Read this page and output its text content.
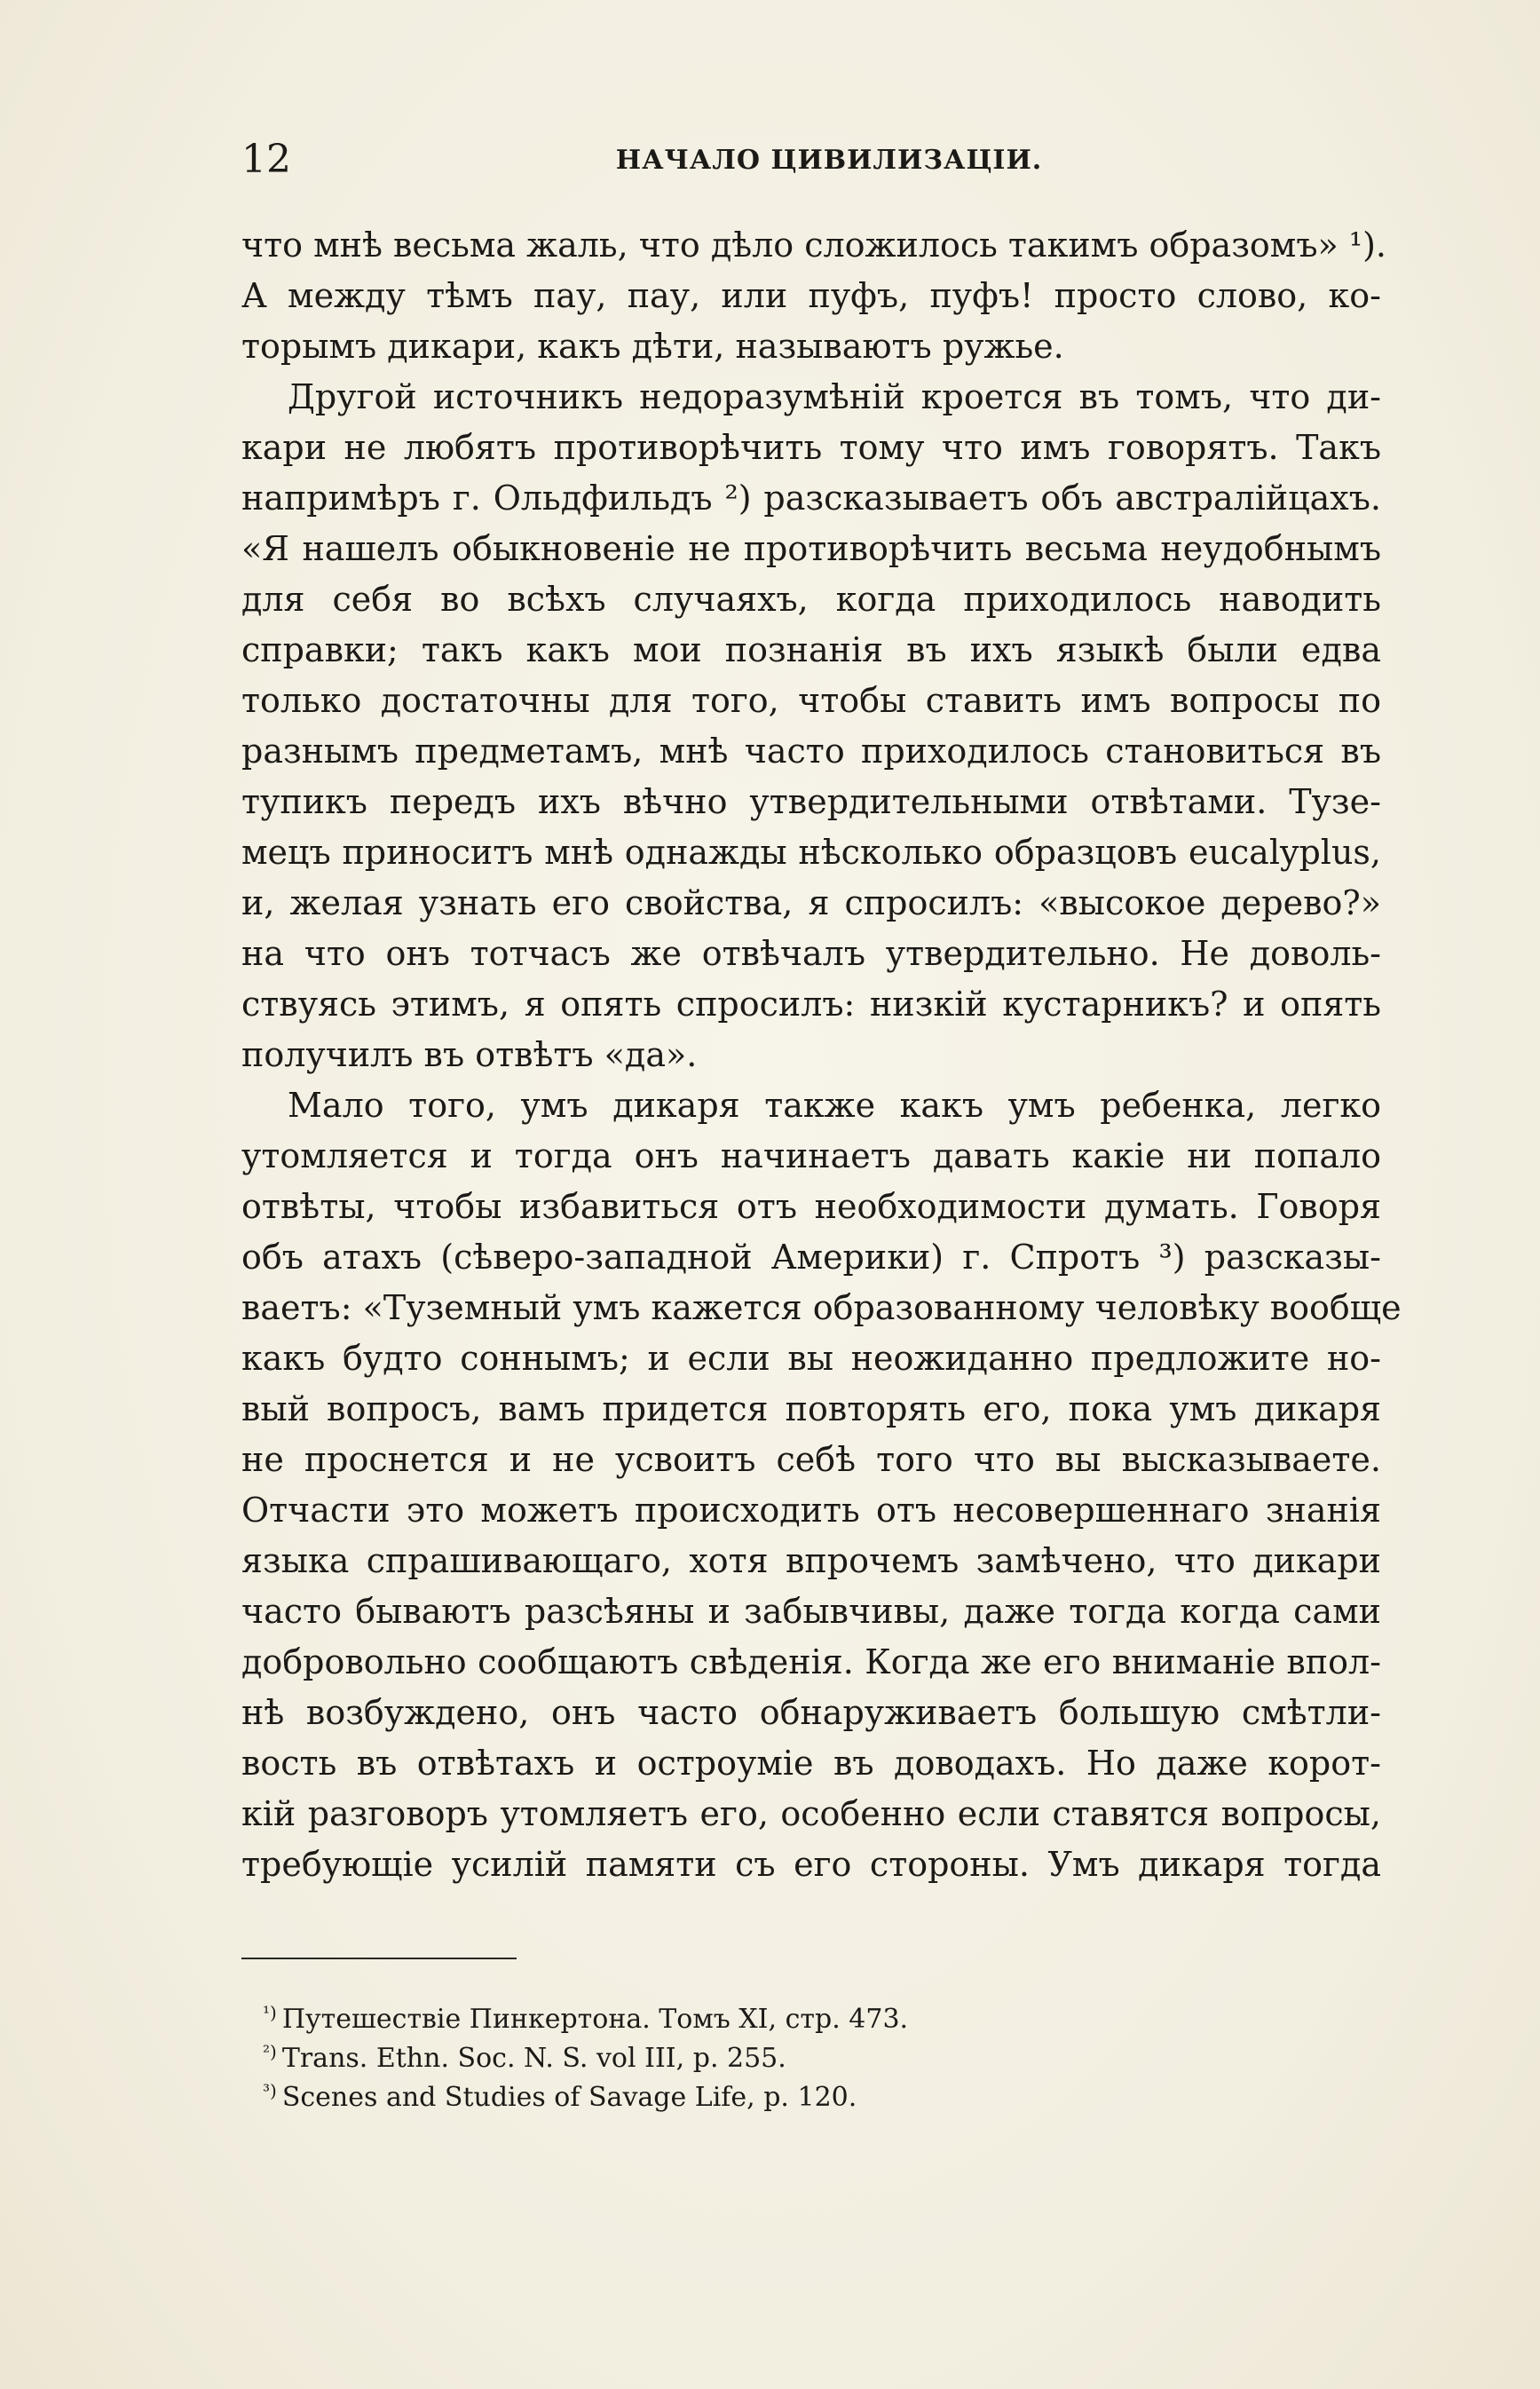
12	НАЧАЛО ЦИВИЛИЗАЦІИ.
что мнѣ весьма жаль, что дѣло сложилось такимъ образомъ» ¹).
А между тѣмъ пау, пау, или пуфъ, пуфъ! просто слово, ко-
торымъ дикари, какъ дѣти, называютъ ружье.
Другой источникъ недоразумѣній кроется въ томъ, что ди-
кари не любятъ противорѣчить тому что имъ говорятъ. Такъ
напримѣръ г. Ольдфильдъ ²) разсказываетъ объ австралійцахъ.
«Я нашелъ обыкновеніе не противорѣчить весьма неудобнымъ
для себя во всѣхъ случаяхъ, когда приходилось наводить
справки; такъ какъ мои познанія въ ихъ языкѣ были едва
только достаточны для того, чтобы ставить имъ вопросы по
разнымъ предметамъ, мнѣ часто приходилось становиться въ
тупикъ передъ ихъ вѣчно утвердительными отвѣтами. Тузе-
мецъ приноситъ мнѣ однажды нѣсколько образцовъ eucalyplus,
и, желая узнать его свойства, я спросилъ: «высокое дерево?»
на что онъ тотчасъ же отвѣчалъ утвердительно. Не доволь-
ствуясь этимъ, я опять спросилъ: низкій кустарникъ? и опять
получилъ въ отвѣтъ «да».
Мало того, умъ дикаря также какъ умъ ребенка, легко
утомляется и тогда онъ начинаетъ давать какіе ни попало
отвѣты, чтобы избавиться отъ необходимости думать. Говоря
объ атахъ (сѣверо-западной Америки) г. Спротъ ³) разсказы-
ваетъ: «Туземный умъ кажется образованному человѣку вообще
какъ будто соннымъ; и если вы неожиданно предложите но-
вый вопросъ, вамъ придется повторять его, пока умъ дикаря
не проснется и не усвоитъ себѣ того что вы высказываете.
Отчасти это можетъ происходить отъ несовершеннаго знанія
языка спрашивающаго, хотя впрочемъ замѣчено, что дикари
часто бываютъ разсѣяны и забывчивы, даже тогда когда сами
добровольно сообщаютъ свѣденія. Когда же его вниманіе впол-
нѣ возбуждено, онъ часто обнаруживаетъ большую смѣтли-
вость въ отвѣтахъ и остроуміе въ доводахъ. Но даже корот-
кій разговоръ утомляетъ его, особенно если ставятся вопросы,
требующіе усилій памяти съ его стороны. Умъ дикаря тогда
$^{^1)}$ Путешествіе Пинкертона. Томъ XI, стр. 473.
$^{^2)}$ Trans. Ethn. Soc. N. S. vol III, p. 255.
$^{^3)}$ Scenes and Studies of Savage Life, p. 120.
